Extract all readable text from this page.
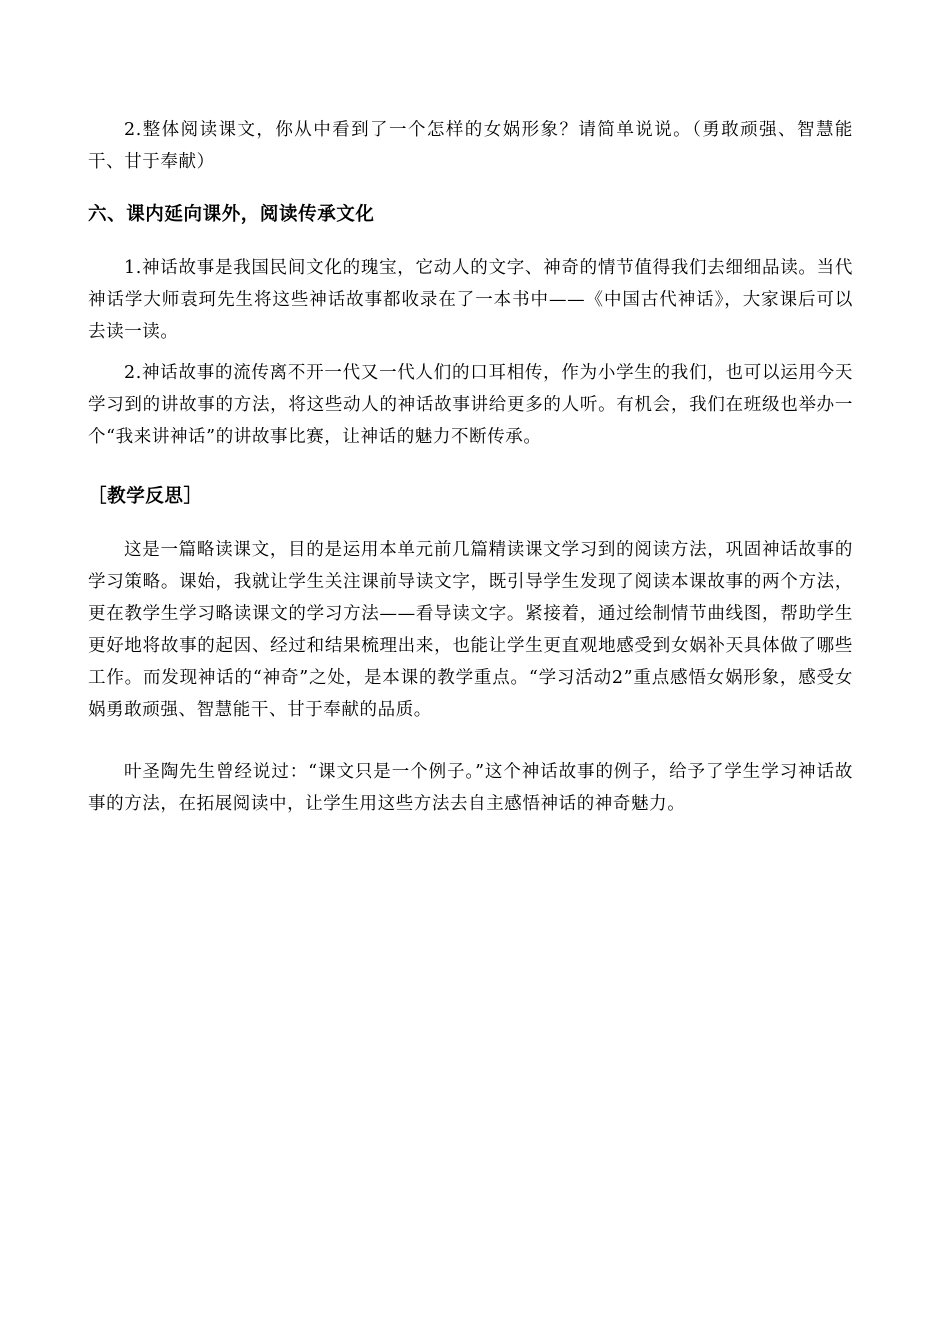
2.整体阅读课文，你从中看到了一个怎样的女娲形象？请简单说说。（勇敢顽强、智慧能干、甘于奉献）

六、课内延向课外，阅读传承文化

1.神话故事是我国民间文化的瑰宝，它动人的文字、神奇的情节值得我们去细细品读。当代神话学大师袁珂先生将这些神话故事都收录在了一本书中——《中国古代神话》，大家课后可以去读一读。

2.神话故事的流传离不开一代又一代人们的口耳相传，作为小学生的我们，也可以运用今天学习到的讲故事的方法，将这些动人的神话故事讲给更多的人听。有机会，我们在班级也举办一个“我来讲神话”的讲故事比赛，让神话的魅力不断传承。

［教学反思］

这是一篇略读课文，目的是运用本单元前几篇精读课文学习到的阅读方法，巩固神话故事的学习策略。课始，我就让学生关注课前导读文字，既引导学生发现了阅读本课故事的两个方法，更在教学生学习略读课文的学习方法——看导读文字。紧接着，通过绘制情节曲线图，帮助学生更好地将故事的起因、经过和结果梳理出来，也能让学生更直观地感受到女娲补天具体做了哪些工作。而发现神话的“神奇”之处，是本课的教学重点。“学习活动2”重点感悟女娲形象，感受女娲勇敢顽强、智慧能干、甘于奉献的品质。

叶圣陶先生曾经说过：“课文只是一个例子。”这个神话故事的例子，给予了学生学习神话故事的方法，在拓展阅读中，让学生用这些方法去自主感悟神话的神奇魅力。
